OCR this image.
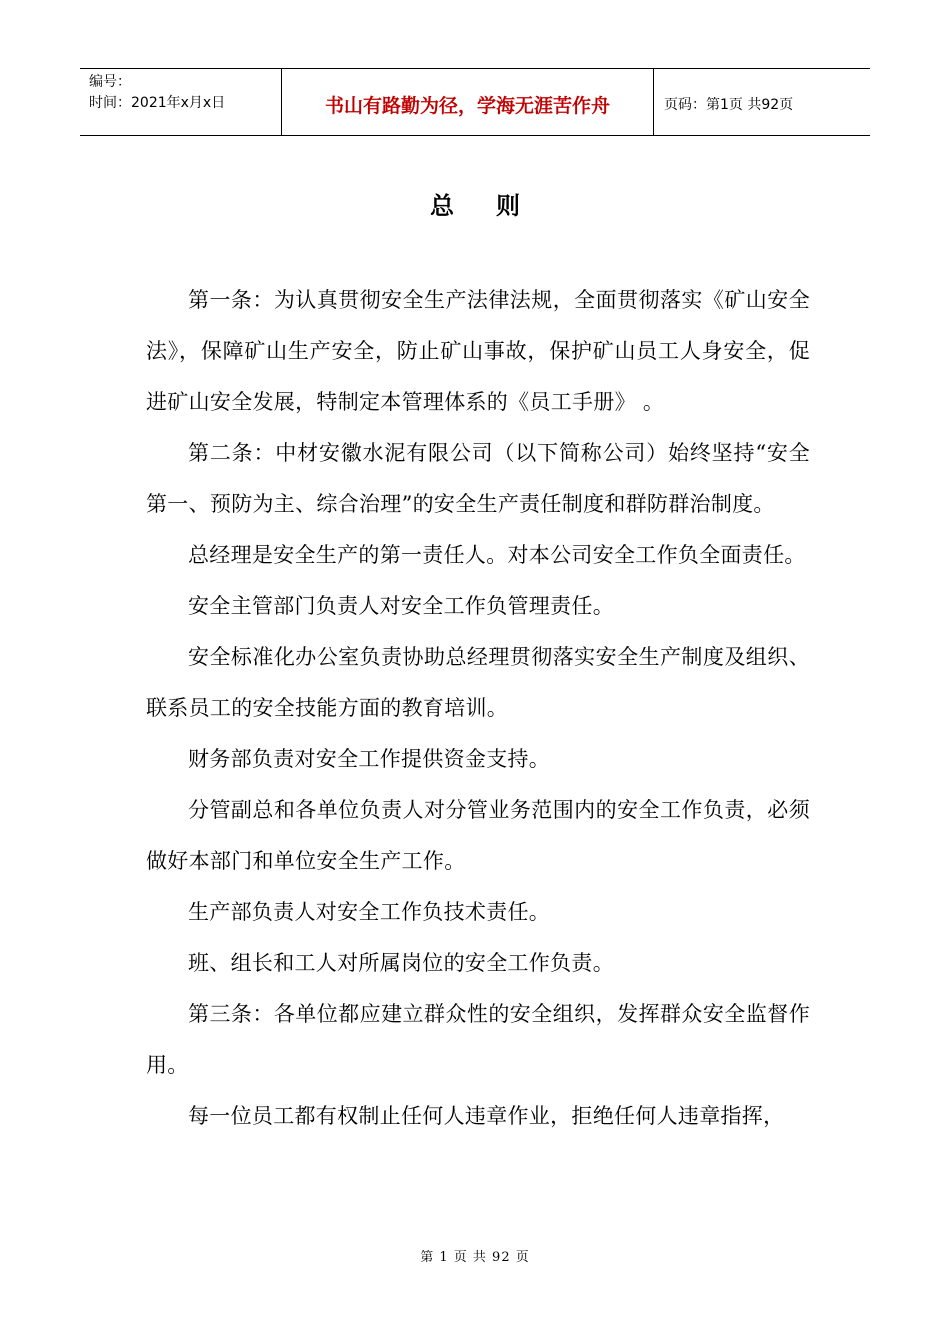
编号：
时间：2021年x月x日	书山有路勤为径，学海无涯苦作舟	页码：第1页 共92页
总则

第一条：为认真贯彻安全生产法律法规，全面贯彻落实《矿山安全法》，保障矿山生产安全，防止矿山事故，保护矿山员工人身安全，促进矿山安全发展，特制定本管理体系的《员工手册》 。

第二条：中材安徽水泥有限公司（以下简称公司）始终坚持“安全第一、预防为主、综合治理”的安全生产责任制度和群防群治制度。

总经理是安全生产的第一责任人。对本公司安全工作负全面责任。

安全主管部门负责人对安全工作负管理责任。

安全标准化办公室负责协助总经理贯彻落实安全生产制度及组织、联系员工的安全技能方面的教育培训。

财务部负责对安全工作提供资金支持。

分管副总和各单位负责人对分管业务范围内的安全工作负责，必须做好本部门和单位安全生产工作。

生产部负责人对安全工作负技术责任。

班、组长和工人对所属岗位的安全工作负责。

第三条：各单位都应建立群众性的安全组织，发挥群众安全监督作用。

每一位员工都有权制止任何人违章作业，拒绝任何人违章指挥，

第 1 页 共 92 页
